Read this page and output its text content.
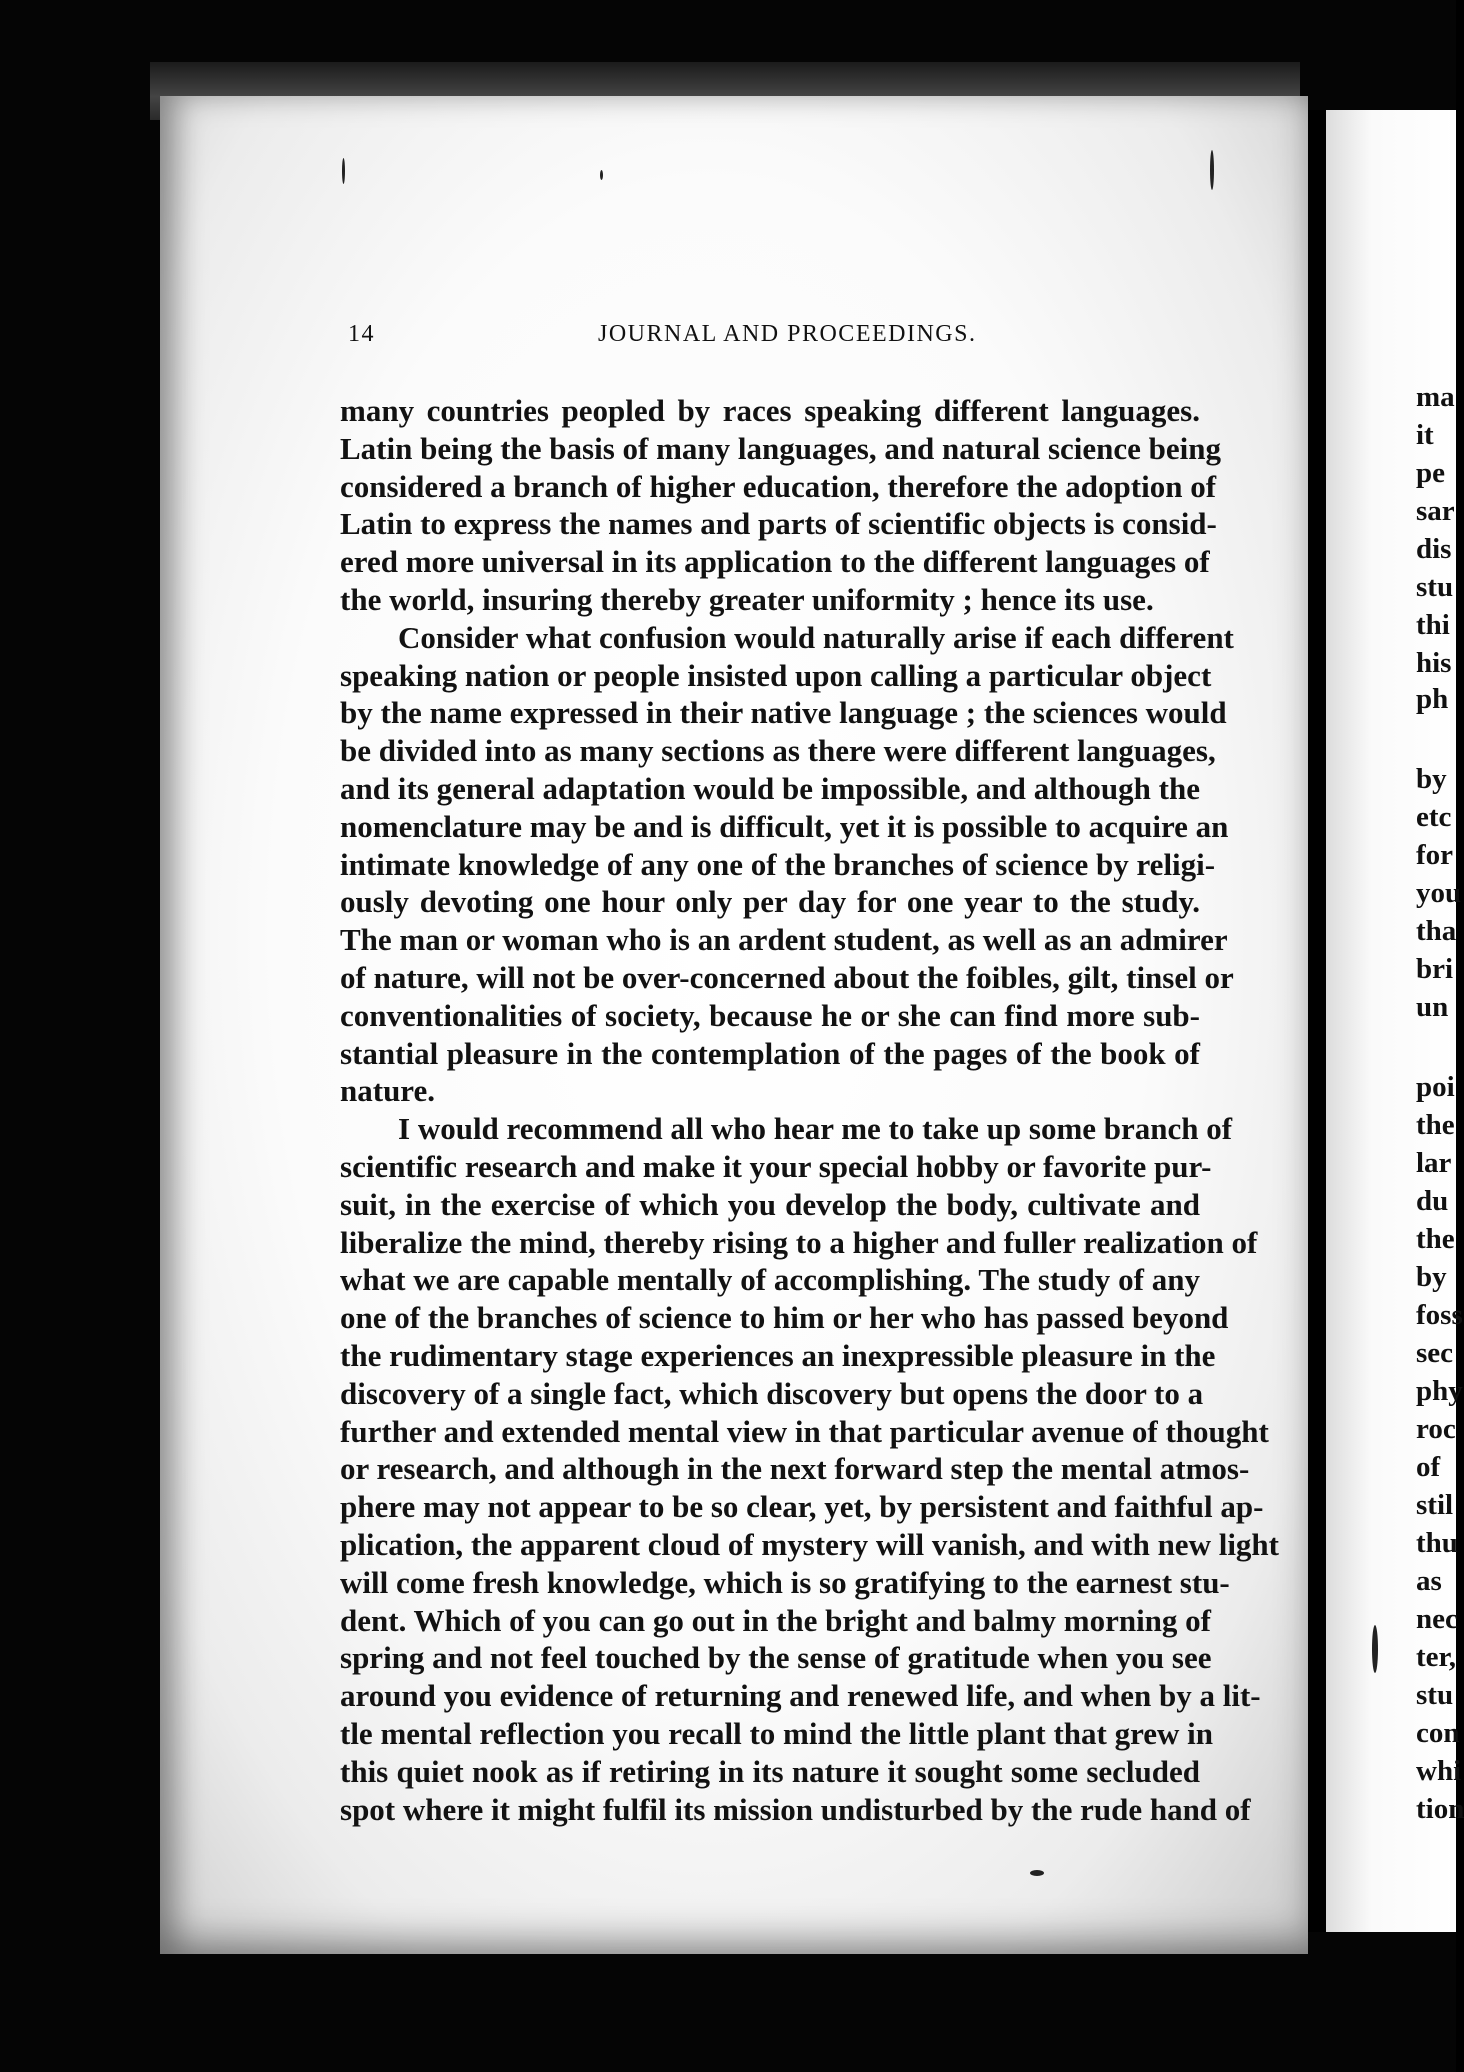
ma
it
pe
sar
dis
stu
thi
his
ph
by
etc
for
you
tha
bri
un
poi
the
lar
du
the
by
foss
sec
phy
roc
of
stil
thu
as
nec
ter,
stu
con
whi
tion
14	JOURNAL AND PROCEEDINGS.
many countries peopled by races speaking different languages.
Latin being the basis of many languages, and natural science being
considered a branch of higher education, therefore the adoption of
Latin to express the names and parts of scientific objects is consid-
ered more universal in its application to the different languages of
the world, insuring thereby greater uniformity ; hence its use.
Consider what confusion would naturally arise if each different
speaking nation or people insisted upon calling a particular object
by the name expressed in their native language ; the sciences would
be divided into as many sections as there were different languages,
and its general adaptation would be impossible, and although the
nomenclature may be and is difficult, yet it is possible to acquire an
intimate knowledge of any one of the branches of science by religi-
ously devoting one hour only per day for one year to the study.
The man or woman who is an ardent student, as well as an admirer
of nature, will not be over-concerned about the foibles, gilt, tinsel or
conventionalities of society, because he or she can find more sub-
stantial pleasure in the contemplation of the pages of the book of
nature.
I would recommend all who hear me to take up some branch of
scientific research and make it your special hobby or favorite pur-
suit, in the exercise of which you develop the body, cultivate and
liberalize the mind, thereby rising to a higher and fuller realization of
what we are capable mentally of accomplishing. The study of any
one of the branches of science to him or her who has passed beyond
the rudimentary stage experiences an inexpressible pleasure in the
discovery of a single fact, which discovery but opens the door to a
further and extended mental view in that particular avenue of thought
or research, and although in the next forward step the mental atmos-
phere may not appear to be so clear, yet, by persistent and faithful ap-
plication, the apparent cloud of mystery will vanish, and with new light
will come fresh knowledge, which is so gratifying to the earnest stu-
dent. Which of you can go out in the bright and balmy morning of
spring and not feel touched by the sense of gratitude when you see
around you evidence of returning and renewed life, and when by a lit-
tle mental reflection you recall to mind the little plant that grew in
this quiet nook as if retiring in its nature it sought some secluded
spot where it might fulfil its mission undisturbed by the rude hand of
